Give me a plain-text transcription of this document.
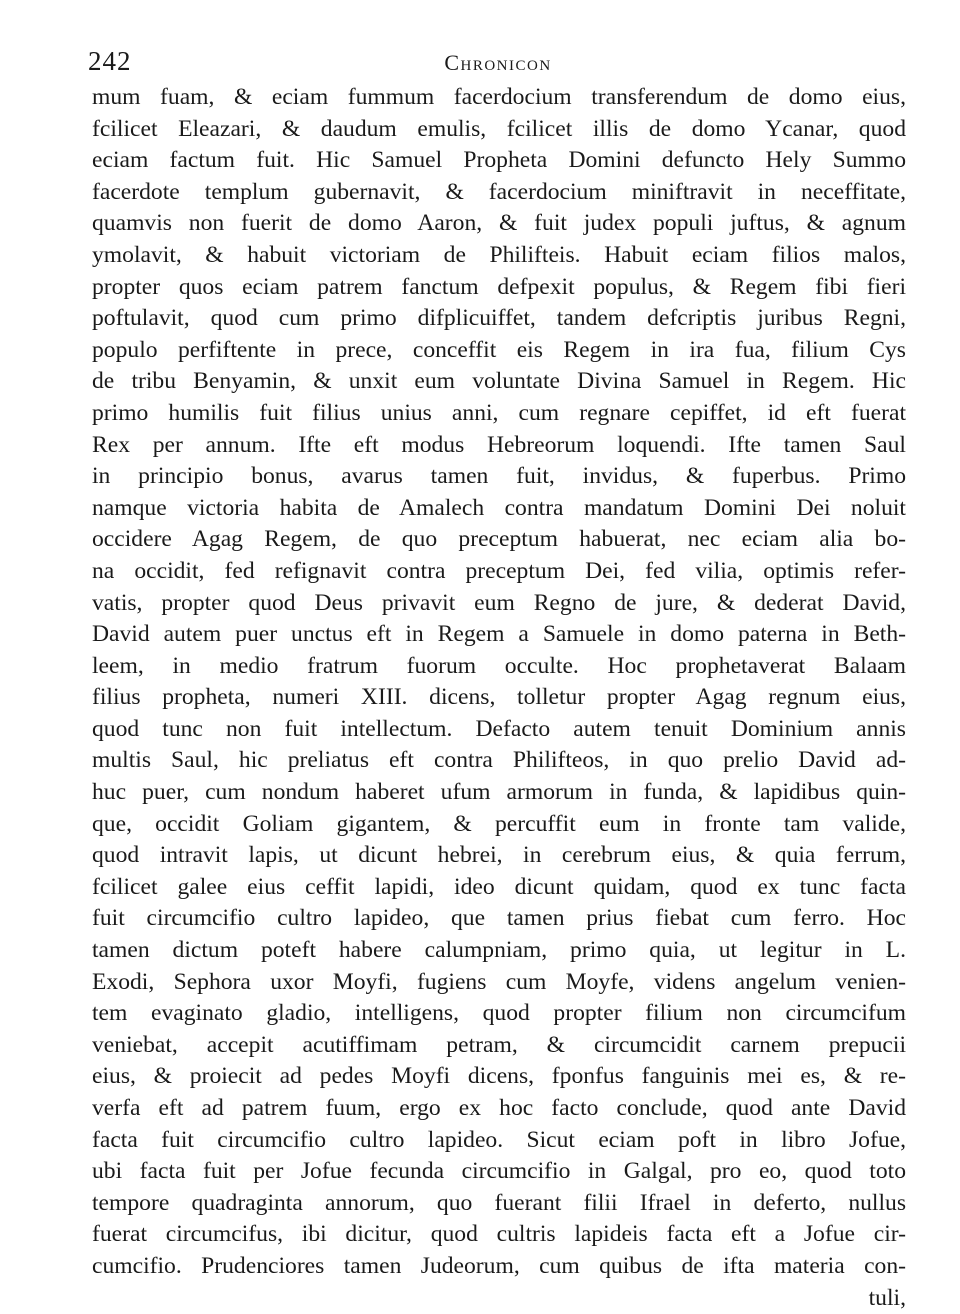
242	Chronicon
mum fuam, & eciam fummum facerdocium transferendum de domo eius,
fcilicet Eleazari, & daudum emulis, fcilicet illis de domo Ycanar, quod
eciam factum fuit. Hic Samuel Propheta Domini defuncto Hely Summo
facerdote templum gubernavit, & facerdocium miniftravit in neceffitate,
quamvis non fuerit de domo Aaron, & fuit judex populi juftus, & agnum
ymolavit, & habuit victoriam de Philifteis. Habuit eciam filios malos,
propter quos eciam patrem fanctum defpexit populus, & Regem fibi fieri
poftulavit, quod cum primo difplicuiffet, tandem defcriptis juribus Regni,
populo perfiftente in prece, conceffit eis Regem in ira fua, filium Cys
de tribu Benyamin, & unxit eum voluntate Divina Samuel in Regem. Hic
primo humilis fuit filius unius anni, cum regnare cepiffet, id eft fuerat
Rex per annum. Ifte eft modus Hebreorum loquendi. Ifte tamen Saul
in principio bonus, avarus tamen fuit, invidus, & fuperbus. Primo
namque victoria habita de Amalech contra mandatum Domini Dei noluit
occidere Agag Regem, de quo preceptum habuerat, nec eciam alia bo-
na occidit, fed refignavit contra preceptum Dei, fed vilia, optimis refer-
vatis, propter quod Deus privavit eum Regno de jure, & dederat David,
David autem puer unctus eft in Regem a Samuele in domo paterna in Beth-
leem, in medio fratrum fuorum occulte. Hoc prophetaverat Balaam
filius propheta, numeri XIII. dicens, tolletur propter Agag regnum eius,
quod tunc non fuit intellectum. Defacto autem tenuit Dominium annis
multis Saul, hic preliatus eft contra Philifteos, in quo prelio David ad-
huc puer, cum nondum haberet ufum armorum in funda, & lapidibus quin-
que, occidit Goliam gigantem, & percuffit eum in fronte tam valide,
quod intravit lapis, ut dicunt hebrei, in cerebrum eius, & quia ferrum,
fcilicet galee eius ceffit lapidi, ideo dicunt quidam, quod ex tunc facta
fuit circumcifio cultro lapideo, que tamen prius fiebat cum ferro. Hoc
tamen dictum poteft habere calumpniam, primo quia, ut legitur in L.
Exodi, Sephora uxor Moyfi, fugiens cum Moyfe, videns angelum venien-
tem evaginato gladio, intelligens, quod propter filium non circumcifum
veniebat, accepit acutiffimam petram, & circumcidit carnem prepucii
eius, & proiecit ad pedes Moyfi dicens, fponfus fanguinis mei es, & re-
verfa eft ad patrem fuum, ergo ex hoc facto conclude, quod ante David
facta fuit circumcifio cultro lapideo. Sicut eciam poft in libro Jofue,
ubi facta fuit per Jofue fecunda circumcifio in Galgal, pro eo, quod toto
tempore quadraginta annorum, quo fuerant filii Ifrael in deferto, nullus
fuerat circumcifus, ibi dicitur, quod cultris lapideis facta eft a Jofue cir-
cumcifio. Prudenciores tamen Judeorum, cum quibus de ifta materia con-
tuli,
